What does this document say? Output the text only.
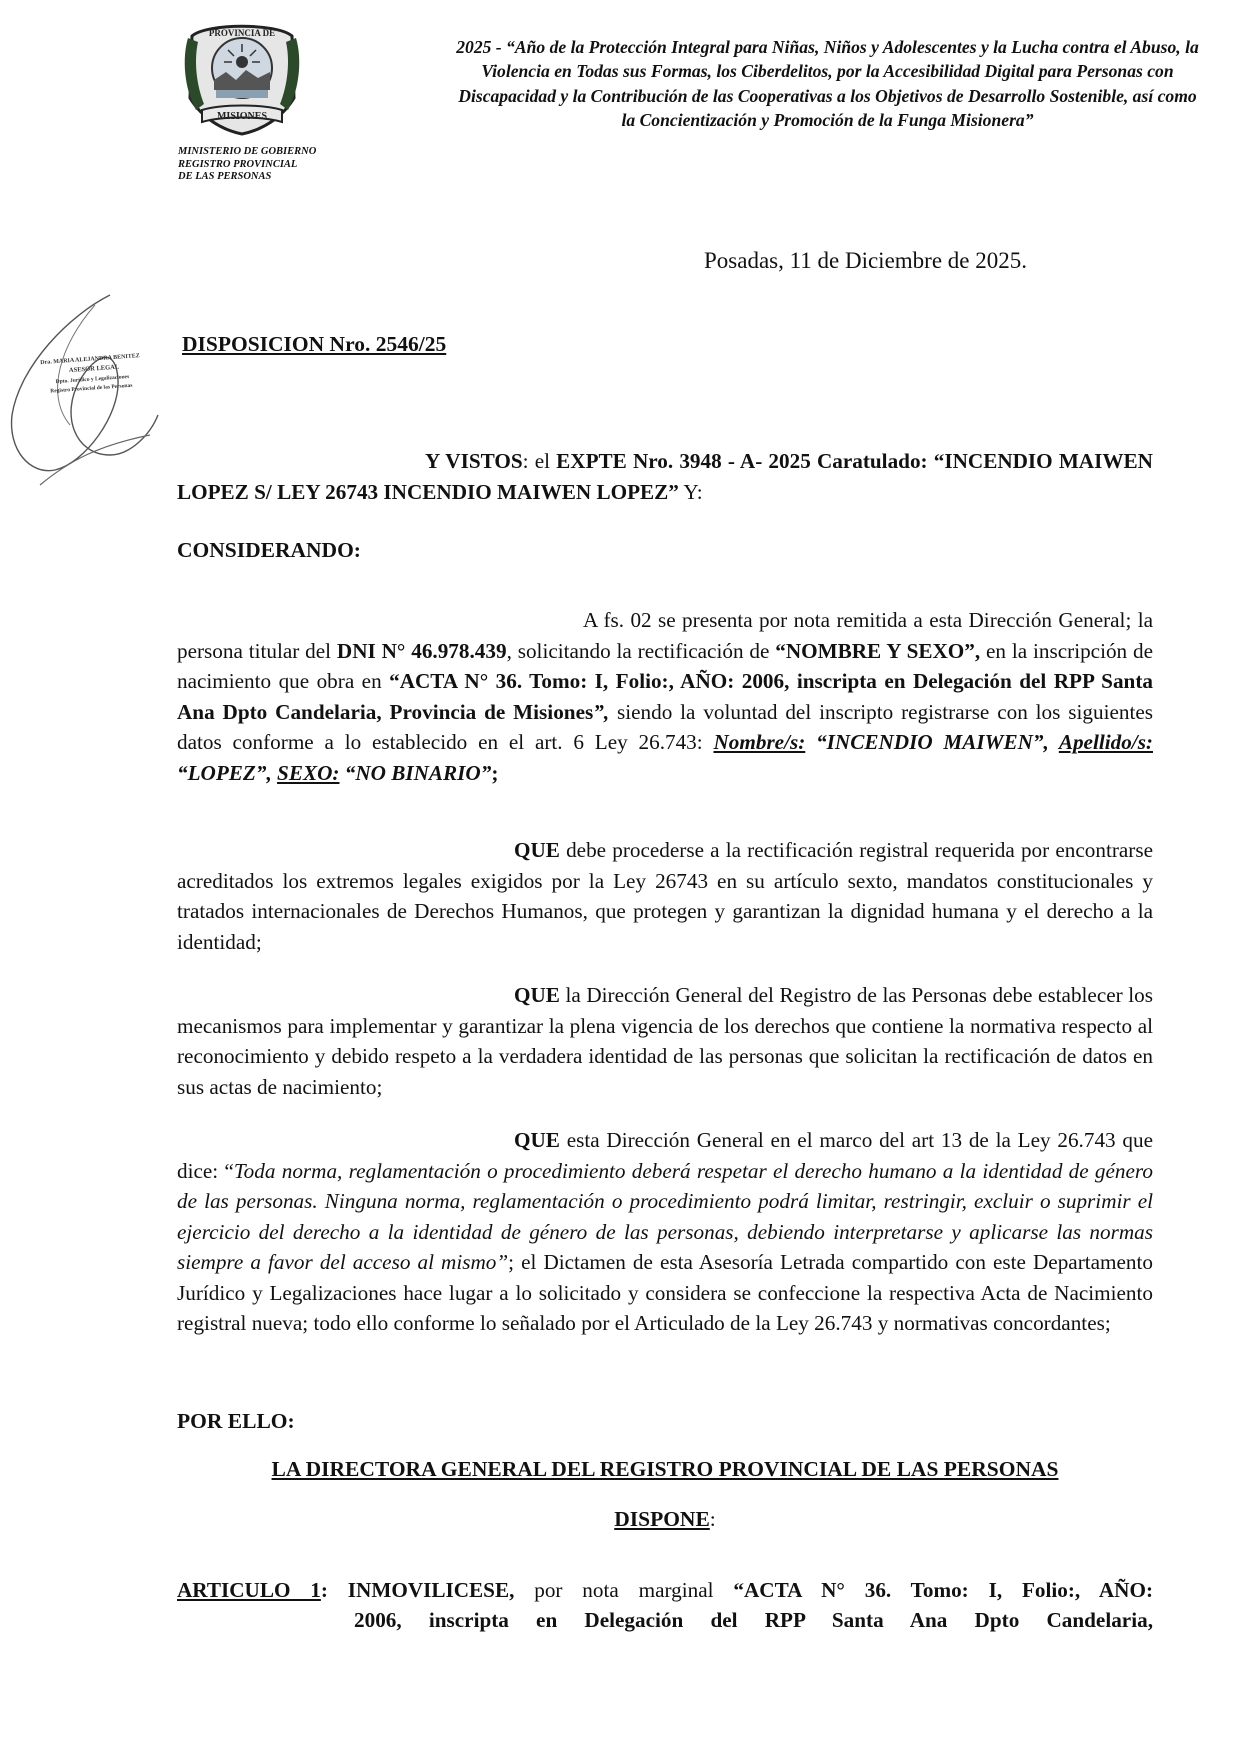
MISIONES
PROVINCIA DE
MINISTERIO DE GOBIERNO
REGISTRO PROVINCIAL
DE LAS PERSONAS
2025 - “Año de la Protección Integral para Niñas, Niños y Adolescentes y la Lucha contra el Abuso, la Violencia en Todas sus Formas, los Ciberdelitos, por la Accesibilidad Digital para Personas con Discapacidad y la Contribución de las Cooperativas a los Objetivos de Desarrollo Sostenible, así como la Concientización y Promoción de la Funga Misionera”
Posadas, 11 de Diciembre de 2025.
Dra. MARIA ALEJANDRA BENITEZ
ASESOR LEGAL
Dpto. Jurídico y Legalizaciones
Registro Provincial de las Personas
DISPOSICION Nro. 2546/25
Y VISTOS: el EXPTE Nro. 3948 - A- 2025 Caratulado: “INCENDIO MAIWEN LOPEZ S/ LEY 26743 INCENDIO MAIWEN LOPEZ” Y:
CONSIDERANDO:
A fs. 02 se presenta por nota remitida a esta Dirección General; la persona titular del DNI N° 46.978.439, solicitando la rectificación de “NOMBRE Y SEXO”, en la inscripción de nacimiento que obra en “ACTA N° 36. Tomo: I, Folio:, AÑO: 2006, inscripta en Delegación del RPP Santa Ana Dpto Candelaria, Provincia de Misiones”, siendo la voluntad del inscripto registrarse con los siguientes datos conforme a lo establecido en el art. 6 Ley 26.743: Nombre/s: “INCENDIO MAIWEN”, Apellido/s: “LOPEZ”, SEXO: “NO BINARIO”;
QUE debe procederse a la rectificación registral requerida por encontrarse acreditados los extremos legales exigidos por la Ley 26743 en su artículo sexto, mandatos constitucionales y tratados internacionales de Derechos Humanos, que protegen y garantizan la dignidad humana y el derecho a la identidad;
QUE la Dirección General del Registro de las Personas debe establecer los mecanismos para implementar y garantizar la plena vigencia de los derechos que contiene la normativa respecto al reconocimiento y debido respeto a la verdadera identidad de las personas que solicitan la rectificación de datos en sus actas de nacimiento;
QUE esta Dirección General en el marco del art 13 de la Ley 26.743 que dice: “Toda norma, reglamentación o procedimiento deberá respetar el derecho humano a la identidad de género de las personas. Ninguna norma, reglamentación o procedimiento podrá limitar, restringir, excluir o suprimir el ejercicio del derecho a la identidad de género de las personas, debiendo interpretarse y aplicarse las normas siempre a favor del acceso al mismo”; el Dictamen de esta Asesoría Letrada compartido con este Departamento Jurídico y Legalizaciones hace lugar a lo solicitado y considera se confeccione la respectiva Acta de Nacimiento registral nueva; todo ello conforme lo señalado por el Articulado de la Ley 26.743 y normativas concordantes;
POR ELLO:
LA DIRECTORA GENERAL DEL REGISTRO PROVINCIAL DE LAS PERSONAS
DISPONE:
ARTICULO 1: INMOVILICESE, por nota marginal “ACTA N° 36. Tomo: I, Folio:, AÑO:
2006, inscripta en Delegación del RPP Santa Ana Dpto Candelaria,
